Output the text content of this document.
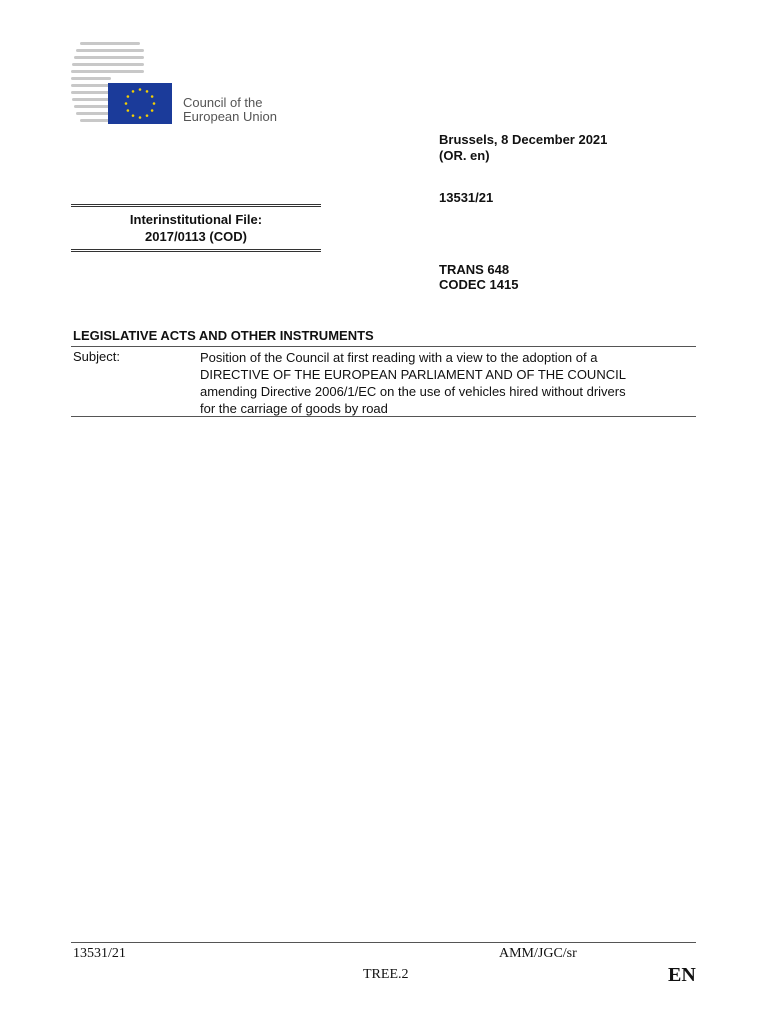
Council of the
European Union
Brussels, 8 December 2021
(OR. en)
13531/21
TRANS 648
CODEC 1415
Interinstitutional File:
2017/0113 (COD)
LEGISLATIVE ACTS AND OTHER INSTRUMENTS
Subject:	Position of the Council at first reading with a view to the adoption of a
DIRECTIVE OF THE EUROPEAN PARLIAMENT AND OF THE COUNCIL
amending Directive 2006/1/EC on the use of vehicles hired without drivers
for the carriage of goods by road
13531/21	AMM/JGC/sr
TREE.2	EN
